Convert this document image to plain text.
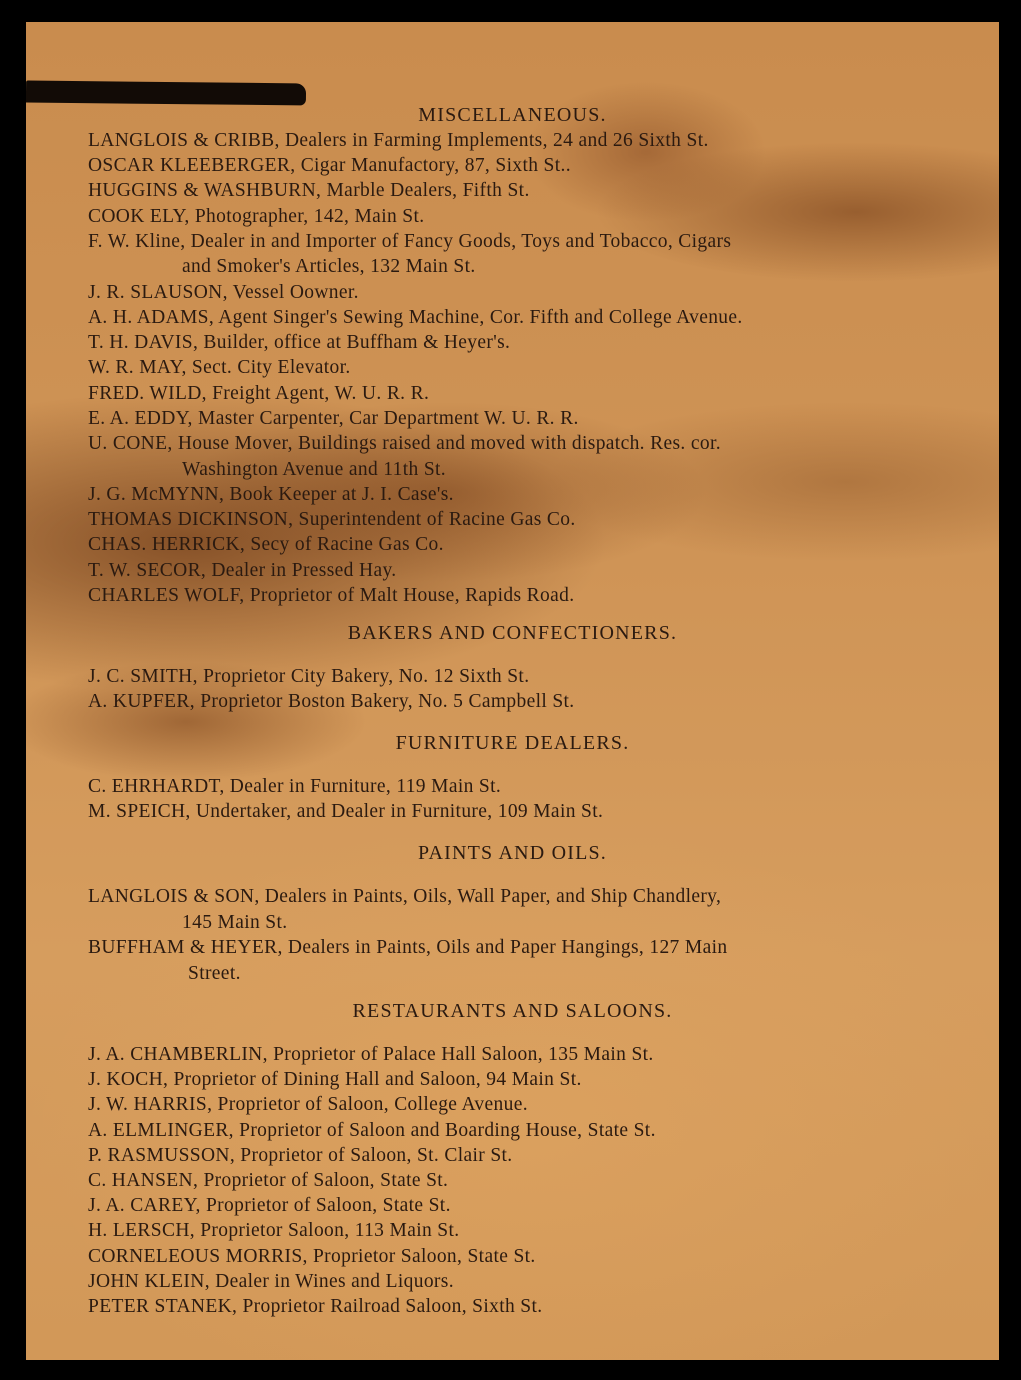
MISCELLANEOUS.
LANGLOIS & CRIBB, Dealers in Farming Implements, 24 and 26 Sixth St.
OSCAR KLEEBERGER, Cigar Manufactory, 87, Sixth St..
HUGGINS & WASHBURN, Marble Dealers, Fifth St.
COOK ELY, Photographer, 142, Main St.
F. W. Kline, Dealer in and Importer of Fancy Goods, Toys and Tobacco, Cigars
and Smoker's Articles, 132 Main St.
J. R. SLAUSON, Vessel Oowner.
A. H. ADAMS, Agent Singer's Sewing Machine, Cor. Fifth and College Avenue.
T. H. DAVIS, Builder, office at Buffham & Heyer's.
W. R. MAY, Sect. City Elevator.
FRED. WILD, Freight Agent, W. U. R. R.
E. A. EDDY, Master Carpenter, Car Department W. U. R. R.
U. CONE, House Mover, Buildings raised and moved with dispatch. Res. cor.
Washington Avenue and 11th St.
J. G. McMYNN, Book Keeper at J. I. Case's.
THOMAS DICKINSON, Superintendent of Racine Gas Co.
CHAS. HERRICK, Secy of Racine Gas Co.
T. W. SECOR, Dealer in Pressed Hay.
CHARLES WOLF, Proprietor of Malt House, Rapids Road.
BAKERS AND CONFECTIONERS.
J. C. SMITH, Proprietor City Bakery, No. 12 Sixth St.
A. KUPFER, Proprietor Boston Bakery, No. 5 Campbell St.
FURNITURE DEALERS.
C. EHRHARDT, Dealer in Furniture, 119 Main St.
M. SPEICH, Undertaker, and Dealer in Furniture, 109 Main St.
PAINTS AND OILS.
LANGLOIS & SON, Dealers in Paints, Oils, Wall Paper, and Ship Chandlery,
145 Main St.
BUFFHAM & HEYER, Dealers in Paints, Oils and Paper Hangings, 127 Main
Street.
RESTAURANTS AND SALOONS.
J. A. CHAMBERLIN, Proprietor of Palace Hall Saloon, 135 Main St.
J. KOCH, Proprietor of Dining Hall and Saloon, 94 Main St.
J. W. HARRIS, Proprietor of Saloon, College Avenue.
A. ELMLINGER, Proprietor of Saloon and Boarding House, State St.
P. RASMUSSON, Proprietor of Saloon, St. Clair St.
C. HANSEN, Proprietor of Saloon, State St.
J. A. CAREY, Proprietor of Saloon, State St.
H. LERSCH, Proprietor Saloon, 113 Main St.
CORNELEOUS MORRIS, Proprietor Saloon, State St.
JOHN KLEIN, Dealer in Wines and Liquors.
PETER STANEK, Proprietor Railroad Saloon, Sixth St.
